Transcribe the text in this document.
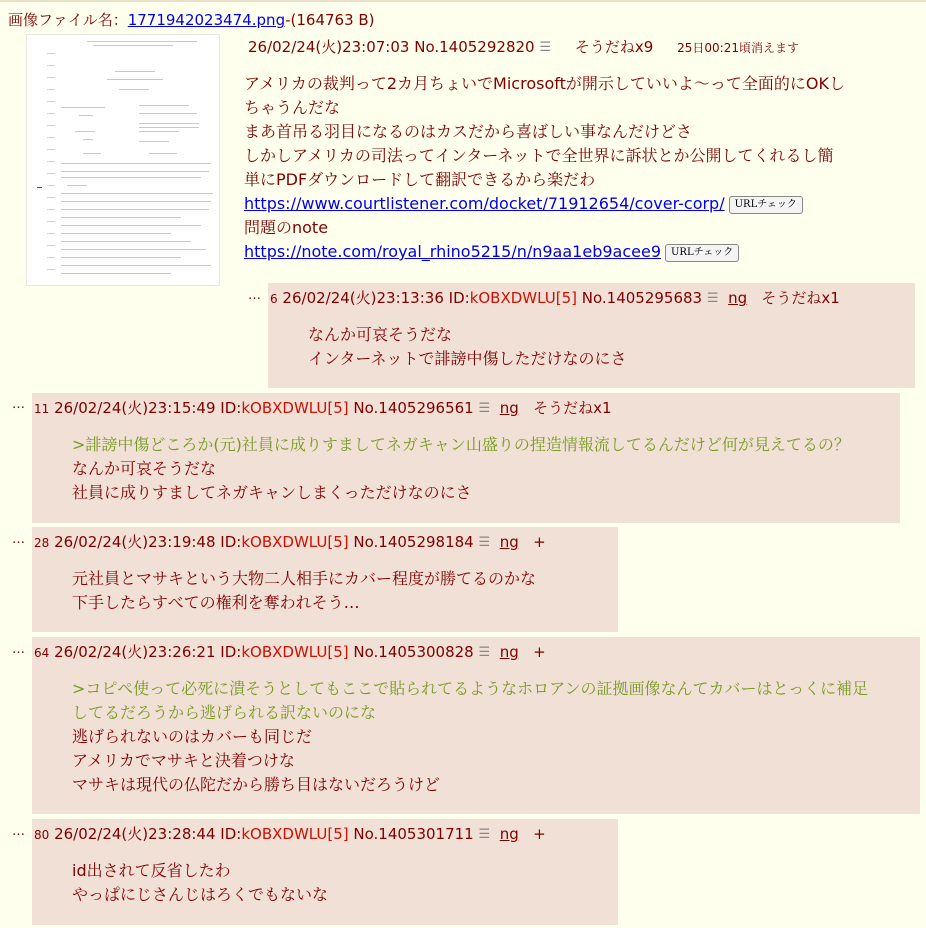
画像ファイル名：1771942023474.png-(164763 B)
26/02/24(火)23:07:03 No.1405292820 ☰ そうだねx9 25日00:21頃消えます
アメリカの裁判って2カ月ちょいでMicrosoftが開示していいよ～って全面的にOKし
ちゃうんだな
まあ首吊る羽目になるのはカスだから喜ばしい事なんだけどさ
しかしアメリカの司法ってインターネットで全世界に訴状とか公開してくれるし簡
単にPDFダウンロードして翻訳できるから楽だわ
https://www.courtlistener.com/docket/71912654/cover-corp/ URLチェック
問題のnote
https://note.com/royal_rhino5215/n/n9aa1eb9acee9 URLチェック
… 6 26/02/24(火)23:13:36 ID:kOBXDWLU[5] No.1405295683 ☰ ng そうだねx1
なんか可哀そうだな
インターネットで誹謗中傷しただけなのにさ
… 11 26/02/24(火)23:15:49 ID:kOBXDWLU[5] No.1405296561 ☰ ng そうだねx1
>誹謗中傷どころか(元)社員に成りすましてネガキャン山盛りの捏造情報流してるんだけど何が見えてるの？
なんか可哀そうだな
社員に成りすましてネガキャンしまくっただけなのにさ
… 28 26/02/24(火)23:19:48 ID:kOBXDWLU[5] No.1405298184 ☰ ng +
元社員とマサキという大物二人相手にカバー程度が勝てるのかな
下手したらすべての権利を奪われそう…
… 64 26/02/24(火)23:26:21 ID:kOBXDWLU[5] No.1405300828 ☰ ng +
>コピペ使って必死に潰そうとしてもここで貼られてるようなホロアンの証拠画像なんてカバーはとっくに補足
してるだろうから逃げられる訳ないのにな
逃げられないのはカバーも同じだ
アメリカでマサキと決着つけな
マサキは現代の仏陀だから勝ち目はないだろうけど
… 80 26/02/24(火)23:28:44 ID:kOBXDWLU[5] No.1405301711 ☰ ng +
id出されて反省したわ
やっぱにじさんじはろくでもないな
